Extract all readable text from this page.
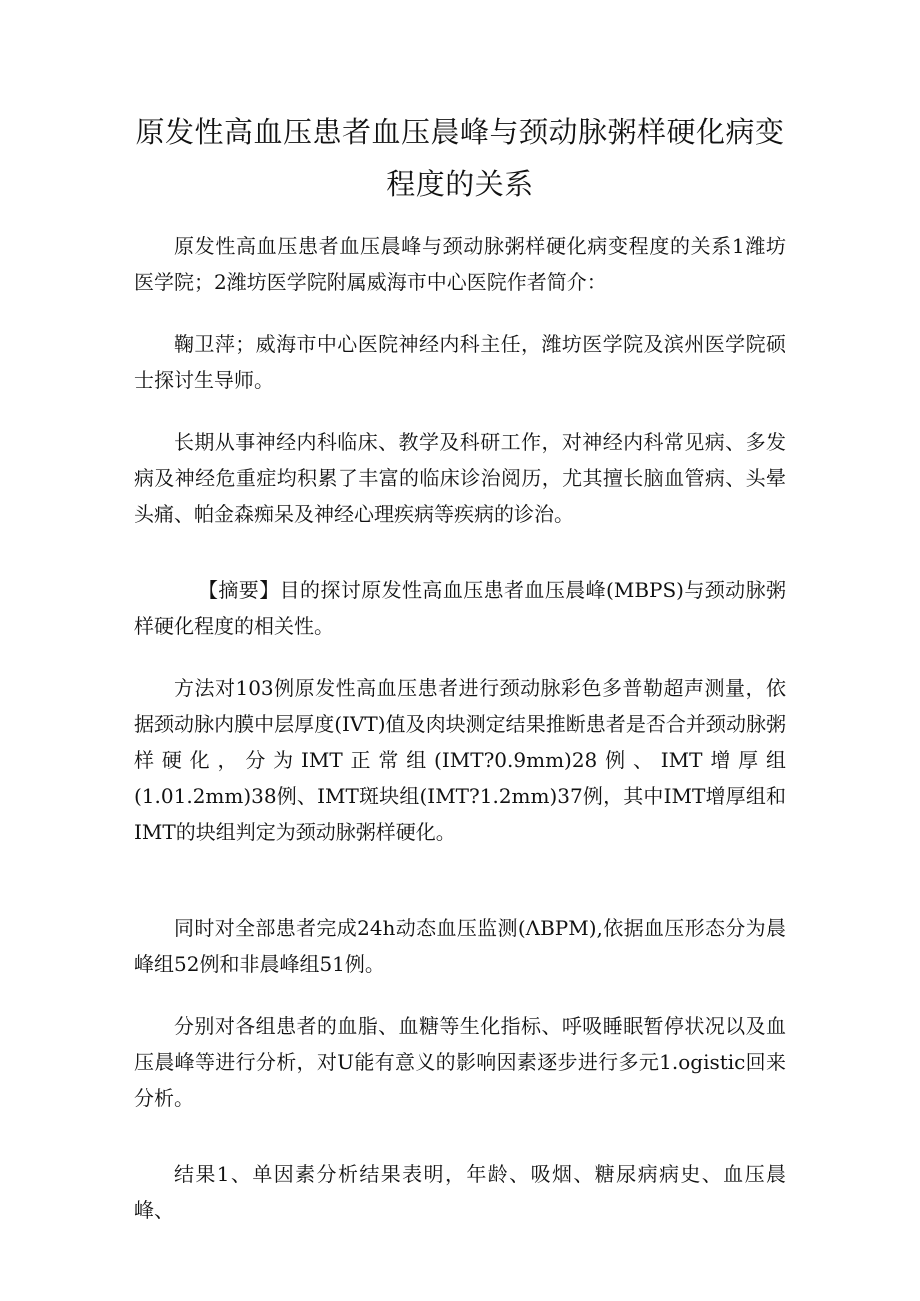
原发性高血压患者血压晨峰与颈动脉粥样硬化病变
程度的关系

原发性高血压患者血压晨峰与颈动脉粥样硬化病变程度的关系1潍坊医学院；2潍坊医学院附属威海市中心医院作者简介：

鞠卫萍；威海市中心医院神经内科主任，潍坊医学院及滨州医学院硕士探讨生导师。

长期从事神经内科临床、教学及科研工作，对神经内科常见病、多发病及神经危重症均积累了丰富的临床诊治阅历，尤其擅长脑血管病、头晕头痛、帕金森痴呆及神经心理疾病等疾病的诊治。

【摘要】目的探讨原发性高血压患者血压晨峰(MBPS)与颈动脉粥样硬化程度的相关性。

方法对103例原发性高血压患者进行颈动脉彩色多普勒超声测量，依据颈动脉内膜中层厚度(IVT)值及肉块测定结果推断患者是否合并颈动脉粥样硬化，分为IMT正常组(IMT?0.9mm)28例、IMT增厚组(1.01.2mm)38例、IMT斑块组(IMT?1.2mm)37例，其中IMT增厚组和IMT的块组判定为颈动脉粥样硬化。

同时对全部患者完成24h动态血压监测(ΛBPM),依据血压形态分为晨峰组52例和非晨峰组51例。

分别对各组患者的血脂、血糖等生化指标、呼吸睡眠暂停状况以及血压晨峰等进行分析，对U能有意义的影响因素逐步进行多元1.ogistic回来分析。

结果1、单因素分析结果表明，年龄、吸烟、糖尿病病史、血压晨峰、
